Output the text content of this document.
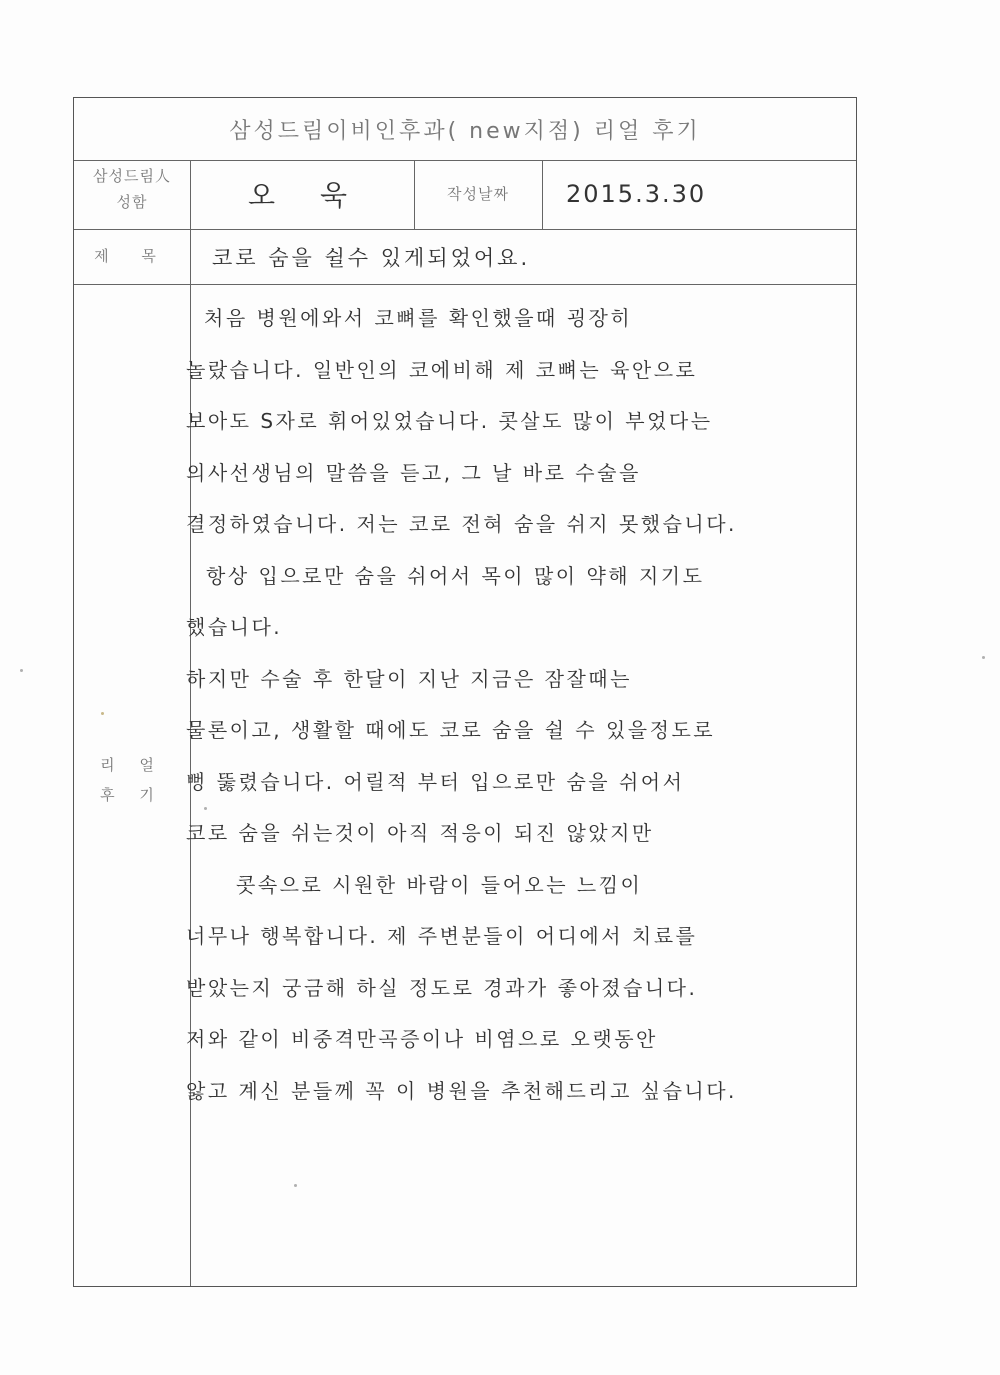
삼성드림이비인후과( new지점) 리얼 후기
삼성드림人
성함	오 욱	작성날짜	2015.3.30
제 목	코로 숨을 쉴수 있게되었어요.
리 얼
후 기
처음 병원에와서 코뼈를 확인했을때 굉장히
놀랐습니다. 일반인의 코에비해 제 코뼈는 육안으로
보아도 S자로 휘어있었습니다. 콧살도 많이 부었다는
의사선생님의 말씀을 듣고, 그 날 바로 수술을
결정하였습니다. 저는 코로 전혀 숨을 쉬지 못했습니다.
항상 입으로만 숨을 쉬어서 목이 많이 약해 지기도
했습니다.
하지만 수술 후 한달이 지난 지금은 잠잘때는
물론이고, 생활할 때에도 코로 숨을 쉴 수 있을정도로
뻥 뚫렸습니다. 어릴적 부터 입으로만 숨을 쉬어서
코로 숨을 쉬는것이 아직 적응이 되진 않았지만
콧속으로 시원한 바람이 들어오는 느낌이
너무나 행복합니다. 제 주변분들이 어디에서 치료를
받았는지 궁금해 하실 정도로 경과가 좋아졌습니다.
저와 같이 비중격만곡증이나 비염으로 오랫동안
앓고 계신 분들께 꼭 이 병원을 추천해드리고 싶습니다.
